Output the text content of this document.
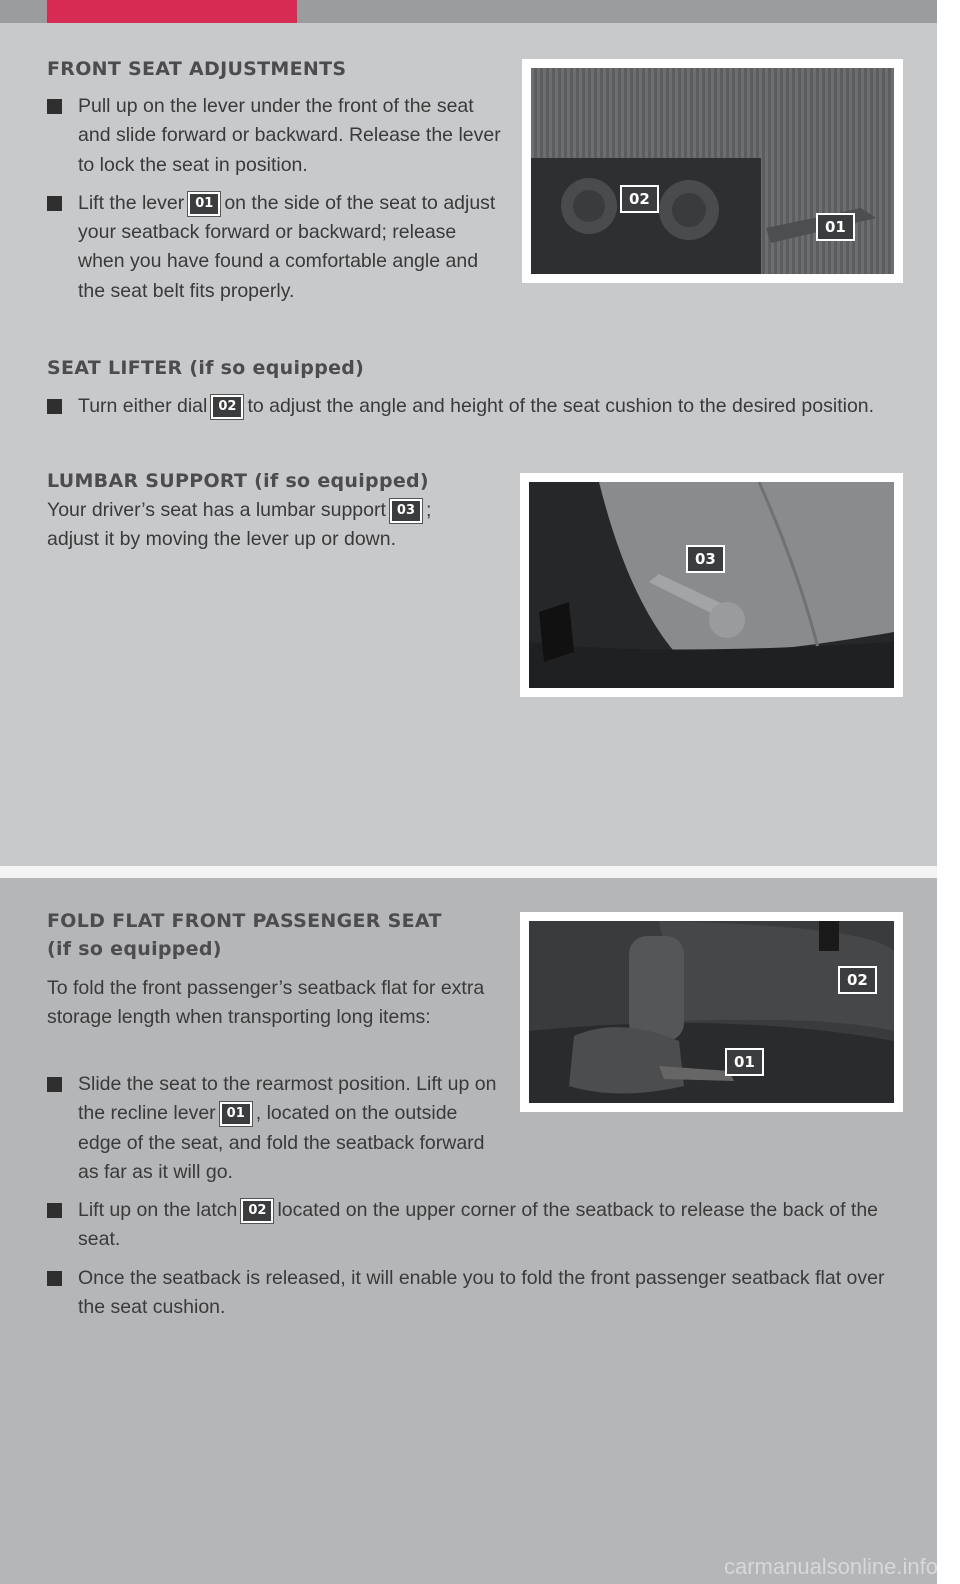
FRONT SEAT ADJUSTMENTS
Pull up on the lever under the front of the seat and slide forward or backward. Release the lever to lock the seat in position.
Lift the lever 01 on the side of the seat to adjust your seatback forward or backward; release when you have found a comfortable angle and the seat belt fits properly.
02
01
SEAT LIFTER (if so equipped)
Turn either dial 02 to adjust the angle and height of the seat cushion to the desired position.
LUMBAR SUPPORT (if so equipped)

Your driver’s seat has a lumbar support 03 ; adjust it by moving the lever up or down.

03
FOLD FLAT FRONT PASSENGER SEAT
(if so equipped)

To fold the front passenger’s seatback flat for extra storage length when transporting long items:

Slide the seat to the rearmost position. Lift up on the recline lever 01 , located on the outside edge of the seat, and fold the seatback forward as far as it will go.
Lift up on the latch 02 located on the upper corner of the seatback to release the back of the seat.
Once the seatback is released, it will enable you to fold the front passenger seatback flat over the seat cushion.
02
01
carmanualsonline.info
